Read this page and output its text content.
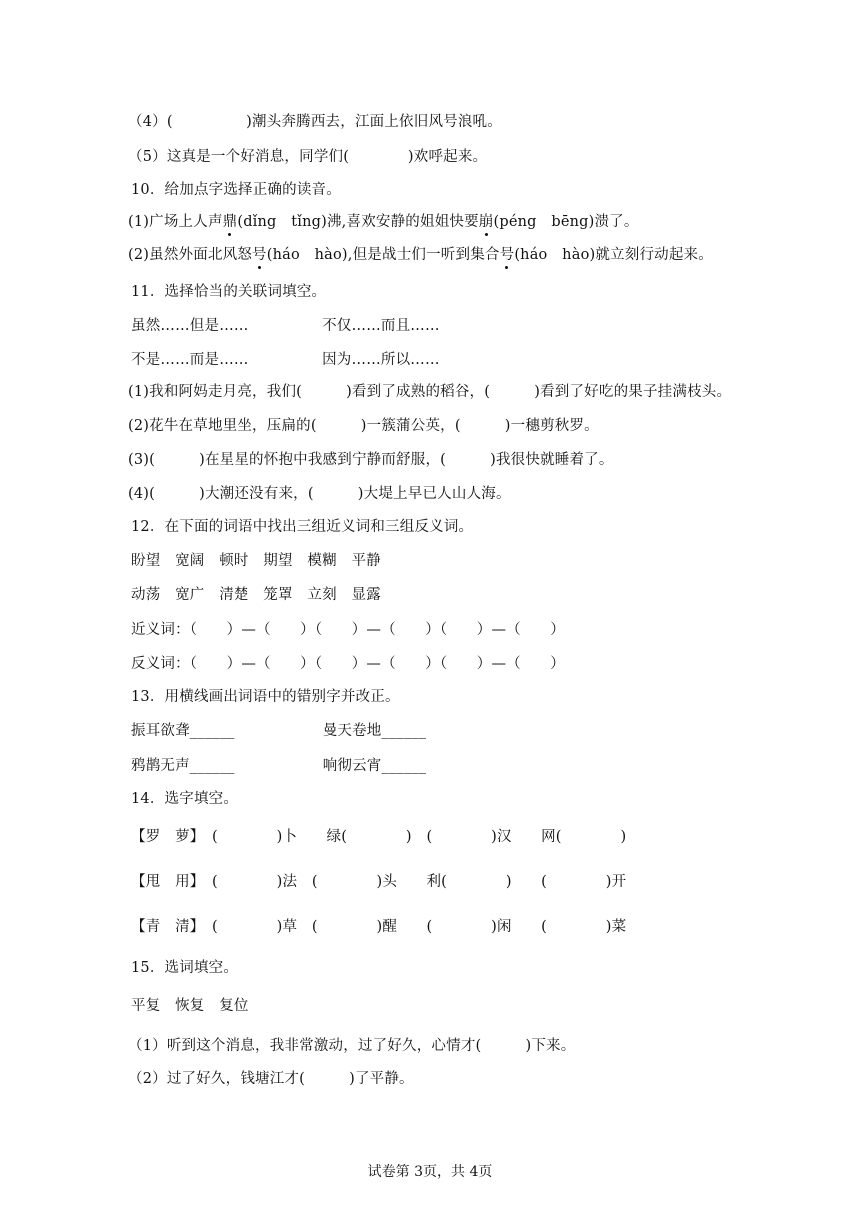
（4）(　　　　　)潮头奔腾西去，江面上依旧风号浪吼。
（5）这真是一个好消息，同学们(　　　　)欢呼起来。
10．给加点字选择正确的读音。
(1)广场上人声鼎(dǐng　tǐng)沸,喜欢安静的姐姐快要崩(péng　bēng)溃了。
(2)虽然外面北风怒号(háo　hào),但是战士们一听到集合号(háo　hào)就立刻行动起来。
11．选择恰当的关联词填空。
虽然……但是……　　　　　不仅……而且……
不是……而是……　　　　　因为……所以……
(1)我和阿妈走月亮，我们(　　　)看到了成熟的稻谷，(　　　)看到了好吃的果子挂满枝头。
(2)花牛在草地里坐，压扁的(　　　)一簇蒲公英，(　　　)一穗剪秋罗。
(3)(　　　)在星星的怀抱中我感到宁静而舒服，(　　　)我很快就睡着了。
(4)(　　　)大潮还没有来，(　　　)大堤上早已人山人海。
12．在下面的词语中找出三组近义词和三组反义词。
盼望　宽阔　顿时　期望　模糊　平静
动荡　宽广　清楚　笼罩　立刻　显露
近义词：（　　）—（　　）（　　）—（　　）（　　）—（　　）
反义词：（　　）—（　　）（　　）—（　　）（　　）—（　　）
13．用横线画出词语中的错别字并改正。
振耳欲聋______　　　　　　曼天卷地______
鸦鹊无声______　　　　　　响彻云宵______
14．选字填空。
【罗　萝】　(　　　　)卜　　绿(　　　　)　(　　　　)汉　　网(　　　　)
【甩　用】　(　　　　)法　(　　　　)头　　利(　　　　)　　(　　　　)开
【青　清】　(　　　　)草　(　　　　)醒　　(　　　　)闲　　(　　　　)菜
15．选词填空。
平复　恢复　复位
（1）听到这个消息，我非常激动，过了好久，心情才(　　　)下来。
（2）过了好久，钱塘江才(　　　)了平静。
试卷第 3页，共 4页
